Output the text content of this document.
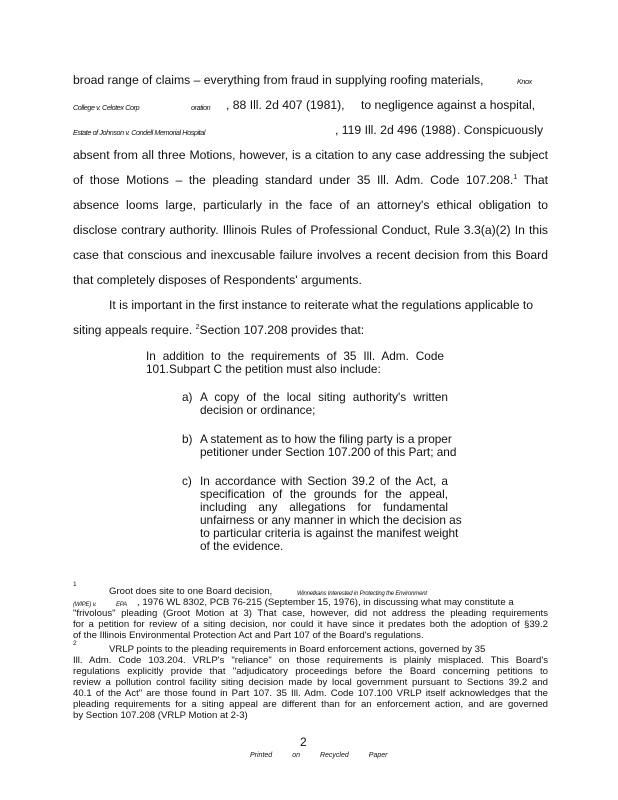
broad range of claims – everything from fraud in supplying roofing materials,	Knox
College v. Celotex Corp	oration , 88 Ill. 2d 407 (1981), to negligence against a hospital,
Estate of Johnson v. Condell Memorial Hospital	, 119 Ill. 2d 496 (1988) . Conspicuously
absent from all three Motions, however, is a citation to any case addressing the subject
of those Motions – the pleading standard under 35 Ill. Adm. Code 107.208.$^1$ That
absence looms large, particularly in the face of an attorney's ethical obligation to
disclose contrary authority. Illinois Rules of Professional Conduct, Rule 3.3(a)(2) In this
case that conscious and inexcusable failure involves a recent decision from this Board
that completely disposes of Respondents' arguments.
It is important in the first instance to reiterate what the regulations applicable to
siting appeals require. $^2$Section 107.208 provides that:
In addition to the requirements of 35 Ill. Adm. Code
101.Subpart C the petition must also include:
a) A copy of the local siting authority's written
decision or ordinance;
b) A statement as to how the filing party is a proper
petitioner under Section 107.200 of this Part; and
c) In accordance with Section 39.2 of the Act, a
specification of the grounds for the appeal,
including any allegations for fundamental
unfairness or any manner in which the decision as
to particular criteria is against the manifest weight
of the evidence.
1
Groot does site to one Board decision,	Winnetkans Interested in Protecting the Environment
(WIPE) v.	EPA , 1976 WL 8302, PCB 76-215 (September 15, 1976), in discussing what may constitute a
"frivolous" pleading (Groot Motion at 3) That case, however, did not address the pleading requirements
for a petition for review of a siting decision, nor could it have since it predates both the adoption of §39.2
of the Illinois Environmental Protection Act and Part 107 of the Board's regulations.
2
VRLP points to the pleading requirements in Board enforcement actions, governed by 35
Ill. Adm. Code 103.204. VRLP's "reliance" on those requirements is plainly misplaced. This Board's
regulations explicitly provide that "adjudicatory proceedings before the Board concerning petitions to
review a pollution control facility siting decision made by local government pursuant to Sections 39.2 and
40.1 of the Act" are those found in Part 107. 35 Ill. Adm. Code 107.100 VRLP itself acknowledges that the
pleading requirements for a siting appeal are different than for an enforcement action, and are governed
by Section 107.208 (VRLP Motion at 2-3)
2
Printed	on	Recycled	Paper
